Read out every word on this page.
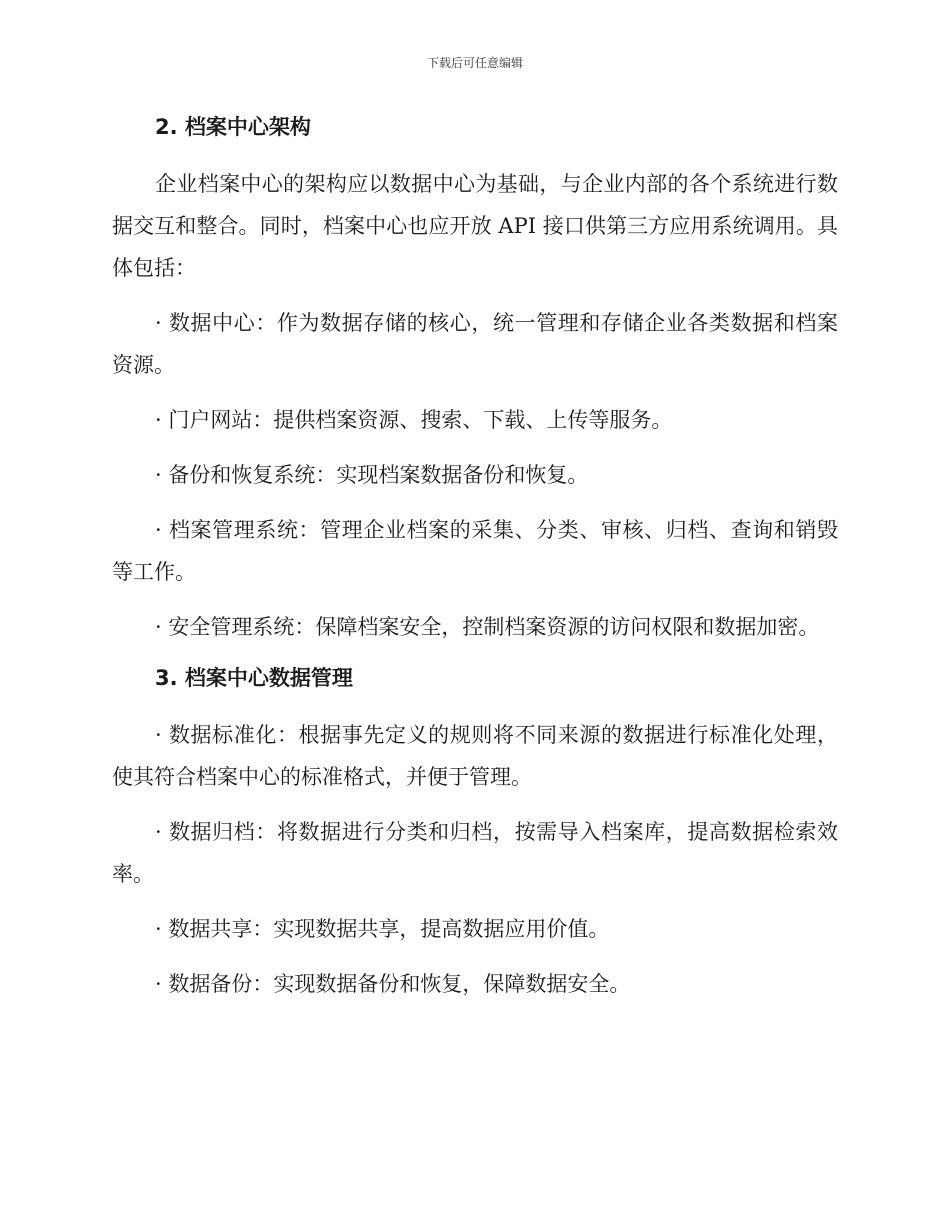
下载后可任意编辑
2. 档案中心架构

企业档案中心的架构应以数据中心为基础，与企业内部的各个系统进行数据交互和整合。同时，档案中心也应开放 API 接口供第三方应用系统调用。具体包括：

· 数据中心：作为数据存储的核心，统一管理和存储企业各类数据和档案资源。

· 门户网站：提供档案资源、搜索、下载、上传等服务。

· 备份和恢复系统：实现档案数据备份和恢复。

· 档案管理系统：管理企业档案的采集、分类、审核、归档、查询和销毁等工作。

· 安全管理系统：保障档案安全，控制档案资源的访问权限和数据加密。

3. 档案中心数据管理

· 数据标准化：根据事先定义的规则将不同来源的数据进行标准化处理，使其符合档案中心的标准格式，并便于管理。

· 数据归档：将数据进行分类和归档，按需导入档案库，提高数据检索效率。

· 数据共享：实现数据共享，提高数据应用价值。

· 数据备份：实现数据备份和恢复，保障数据安全。
